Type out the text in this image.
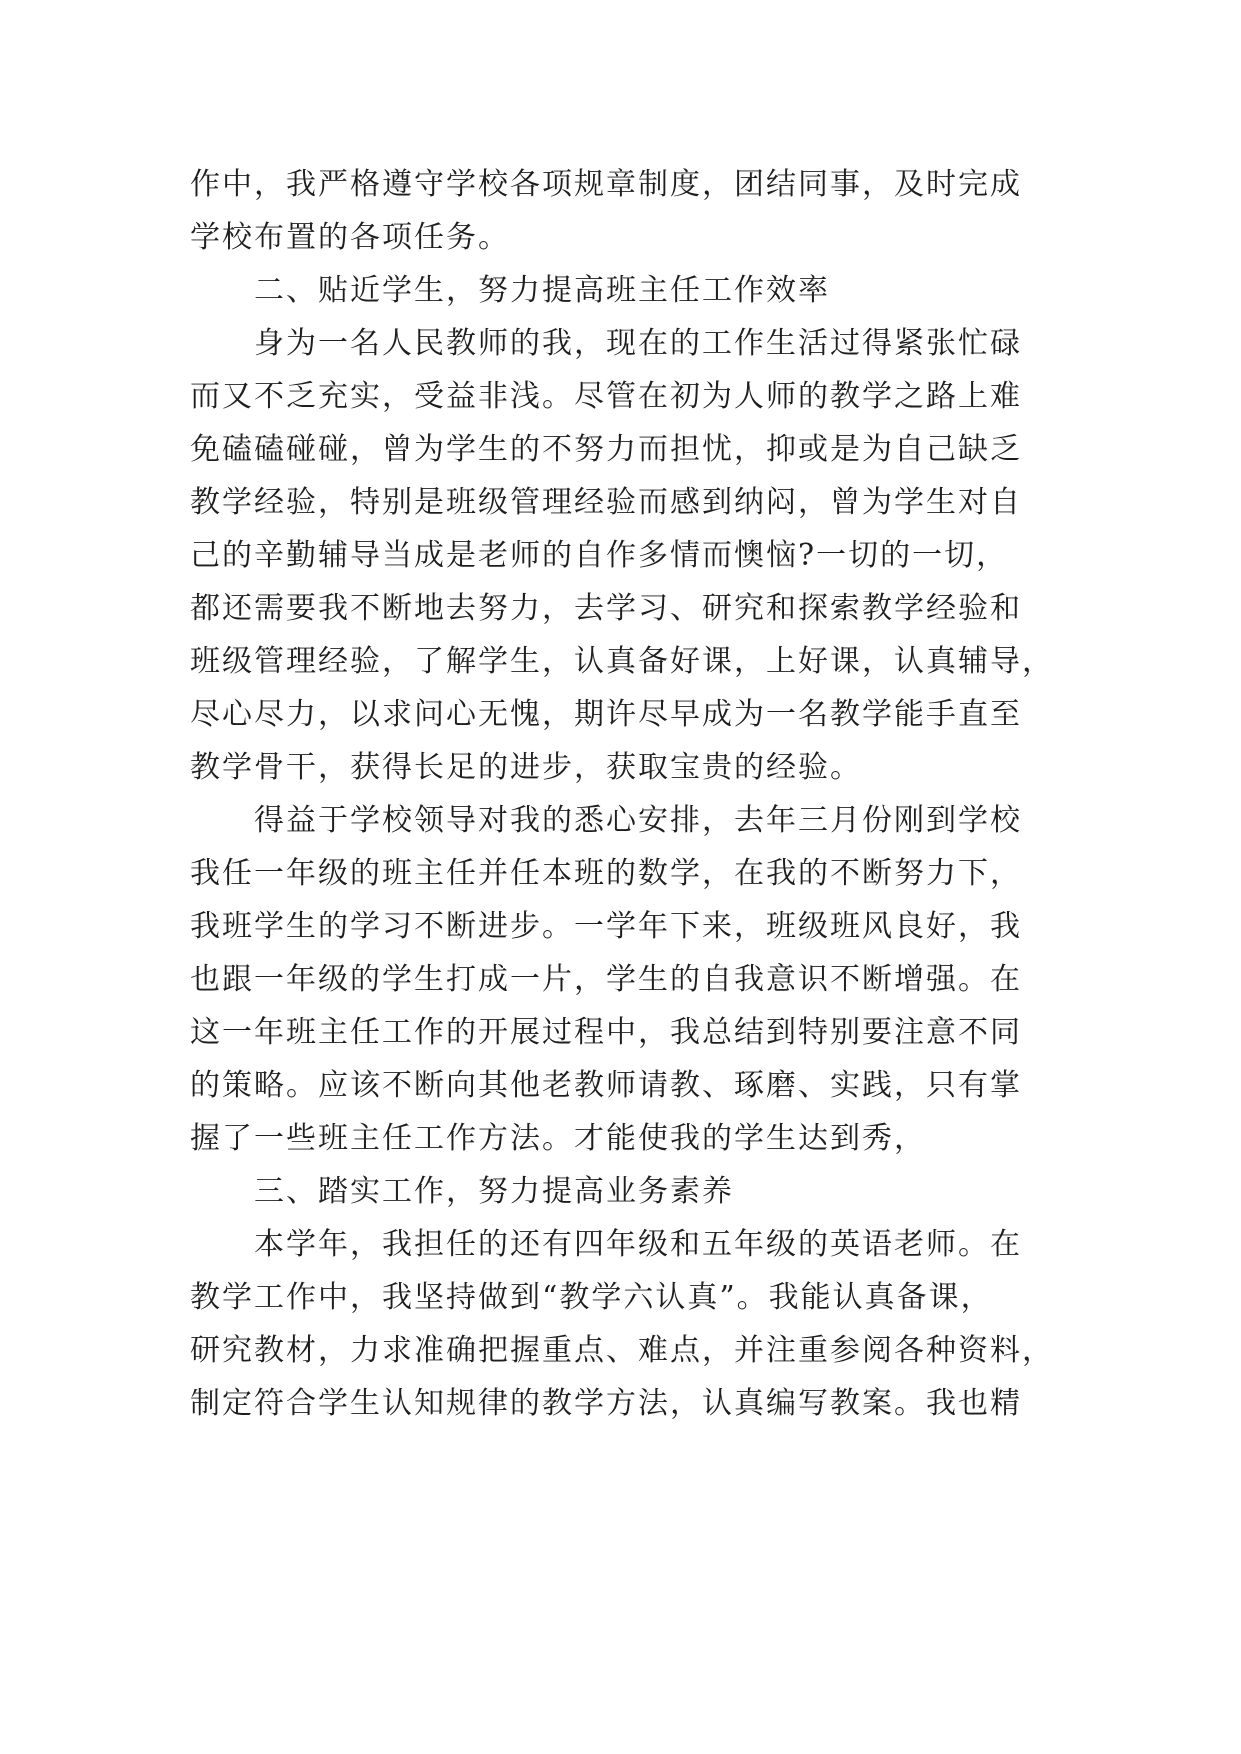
作中，我严格遵守学校各项规章制度，团结同事，及时完成
学校布置的各项任务。
二、贴近学生，努力提高班主任工作效率
身为一名人民教师的我，现在的工作生活过得紧张忙碌
而又不乏充实，受益非浅。尽管在初为人师的教学之路上难
免磕磕碰碰，曾为学生的不努力而担忧，抑或是为自己缺乏
教学经验，特别是班级管理经验而感到纳闷，曾为学生对自
己的辛勤辅导当成是老师的自作多情而懊恼?一切的一切，
都还需要我不断地去努力，去学习、研究和探索教学经验和
班级管理经验，了解学生，认真备好课，上好课，认真辅导，
尽心尽力，以求问心无愧，期许尽早成为一名教学能手直至
教学骨干，获得长足的进步，获取宝贵的经验。
得益于学校领导对我的悉心安排，去年三月份刚到学校
我任一年级的班主任并任本班的数学，在我的不断努力下，
我班学生的学习不断进步。一学年下来，班级班风良好，我
也跟一年级的学生打成一片，学生的自我意识不断增强。在
这一年班主任工作的开展过程中，我总结到特别要注意不同
的策略。应该不断向其他老教师请教、琢磨、实践，只有掌
握了一些班主任工作方法。才能使我的学生达到秀，
三、踏实工作，努力提高业务素养
本学年，我担任的还有四年级和五年级的英语老师。在
教学工作中，我坚持做到“教学六认真”。我能认真备课，
研究教材，力求准确把握重点、难点，并注重参阅各种资料，
制定符合学生认知规律的教学方法，认真编写教案。我也精
